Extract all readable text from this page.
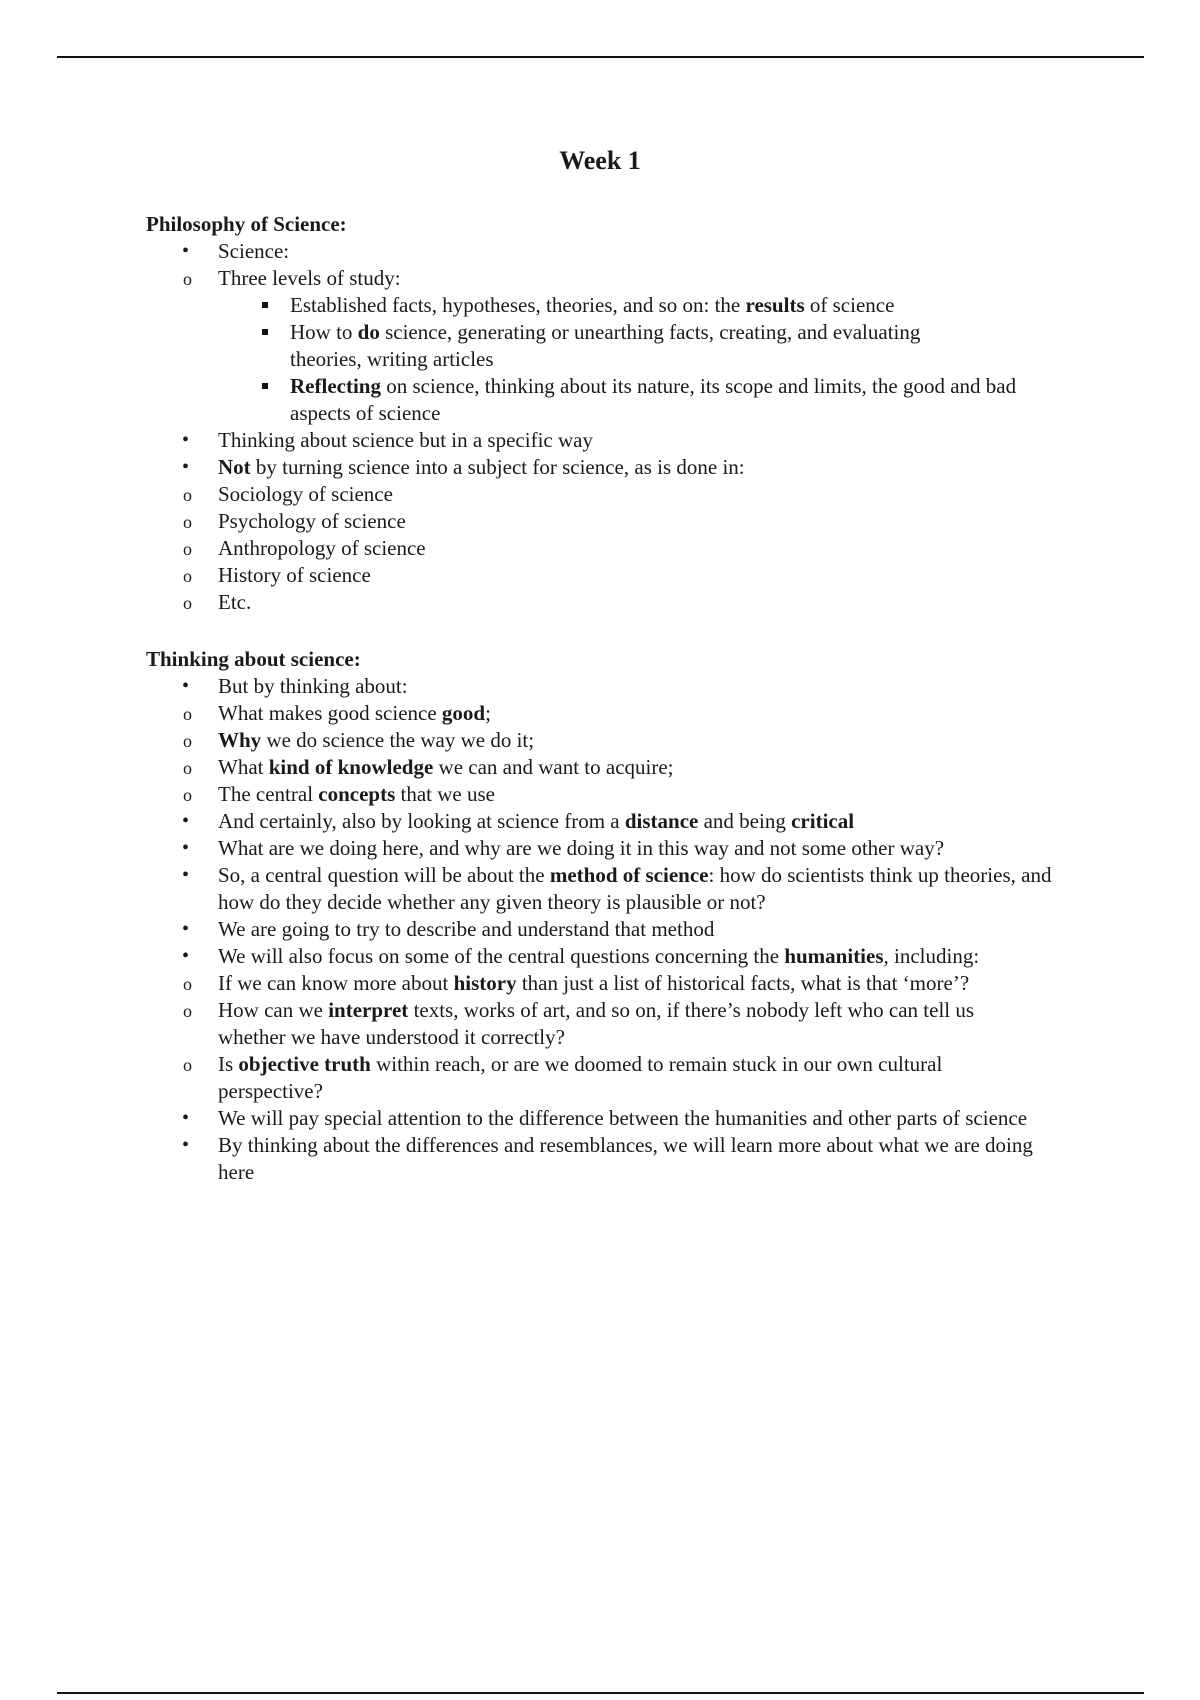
Week 1
Philosophy of Science:
• Science:
o Three levels of study:
Established facts, hypotheses, theories, and so on: the results of science
How to do science, generating or unearthing facts, creating, and evaluating theories, writing articles
Reflecting on science, thinking about its nature, its scope and limits, the good and bad aspects of science
• Thinking about science but in a specific way
• Not by turning science into a subject for science, as is done in:
o Sociology of science
o Psychology of science
o Anthropology of science
o History of science
o Etc.
Thinking about science:
• But by thinking about:
o What makes good science good;
o Why we do science the way we do it;
o What kind of knowledge we can and want to acquire;
o The central concepts that we use
• And certainly, also by looking at science from a distance and being critical
• What are we doing here, and why are we doing it in this way and not some other way?
• So, a central question will be about the method of science: how do scientists think up theories, and how do they decide whether any given theory is plausible or not?
• We are going to try to describe and understand that method
• We will also focus on some of the central questions concerning the humanities, including:
o If we can know more about history than just a list of historical facts, what is that ‘more’?
o How can we interpret texts, works of art, and so on, if there’s nobody left who can tell us whether we have understood it correctly?
o Is objective truth within reach, or are we doomed to remain stuck in our own cultural perspective?
• We will pay special attention to the difference between the humanities and other parts of science
• By thinking about the differences and resemblances, we will learn more about what we are doing here
